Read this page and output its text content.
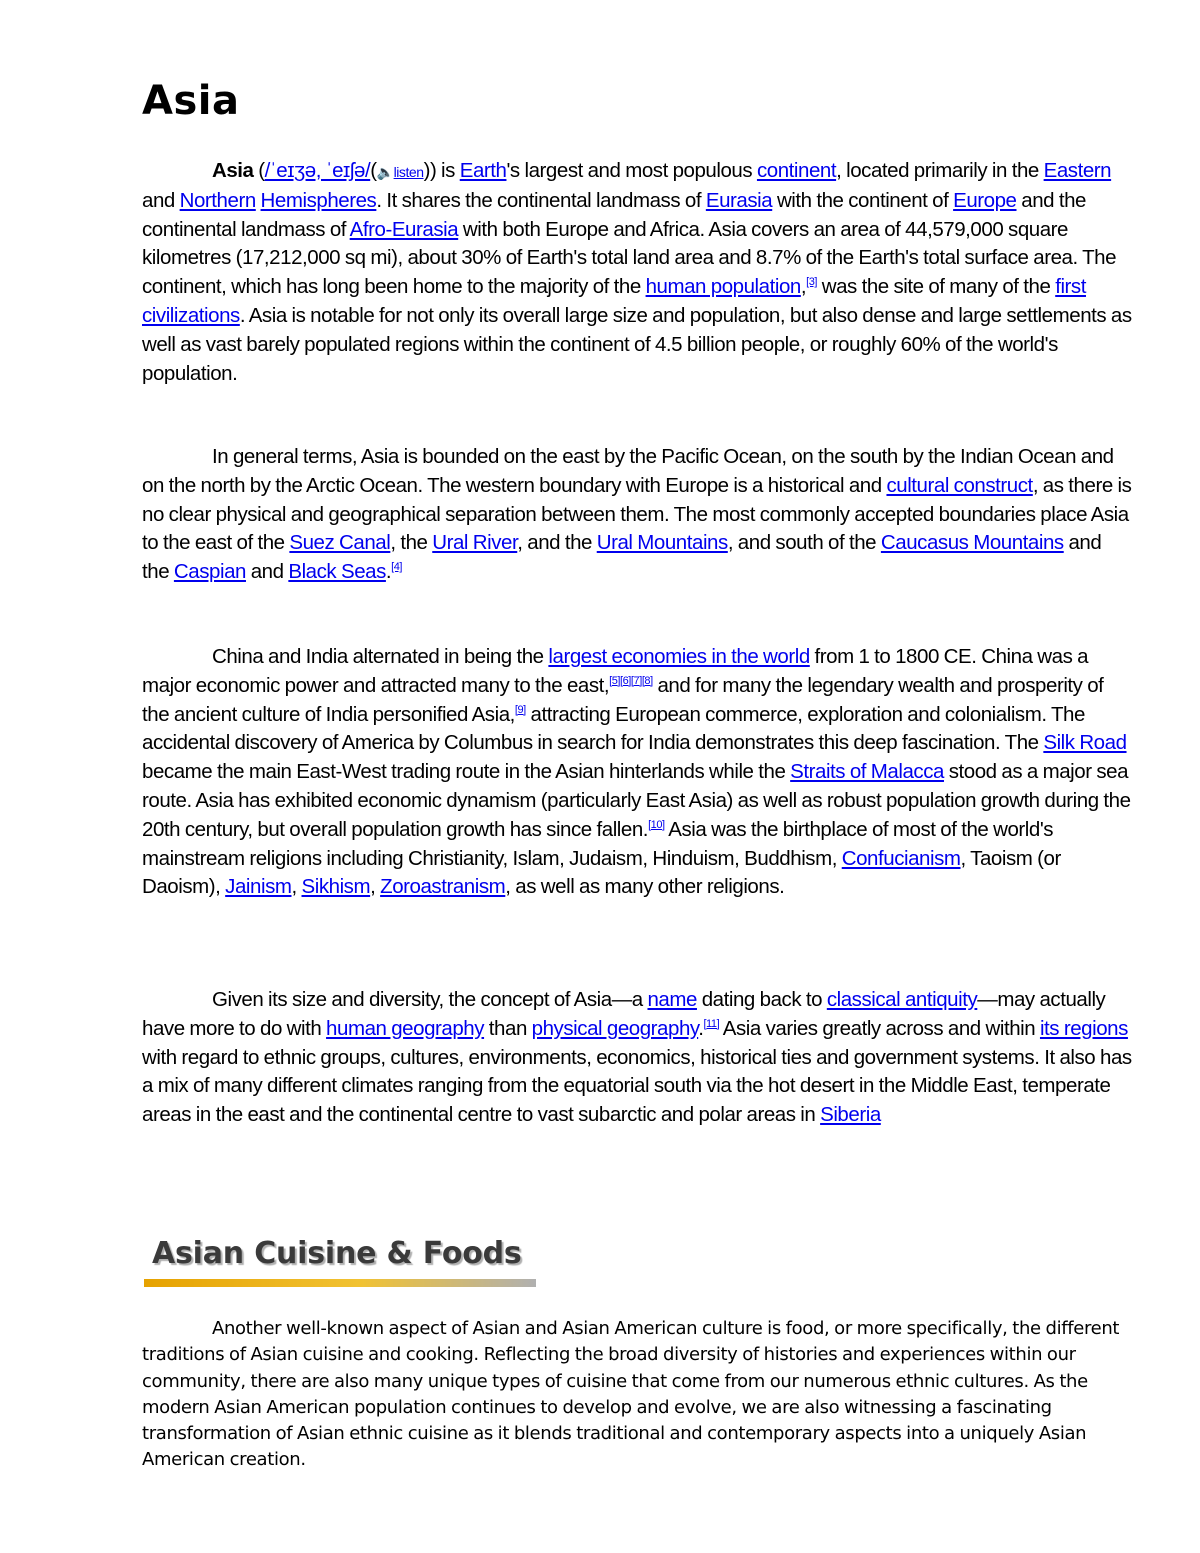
Asia

Asia (/ˈeɪʒə, ˈeɪʃə/(🔈listen)) is Earth's largest and most populous continent, located primarily in the Eastern and Northern Hemispheres. It shares the continental landmass of Eurasia with the continent of Europe and the continental landmass of Afro-Eurasia with both Europe and Africa. Asia covers an area of 44,579,000 square kilometres (17,212,000 sq mi), about 30% of Earth's total land area and 8.7% of the Earth's total surface area. The continent, which has long been home to the majority of the human population,[3] was the site of many of the first civilizations. Asia is notable for not only its overall large size and population, but also dense and large settlements as well as vast barely populated regions within the continent of 4.5 billion people, or roughly 60% of the world's population.

In general terms, Asia is bounded on the east by the Pacific Ocean, on the south by the Indian Ocean and on the north by the Arctic Ocean. The western boundary with Europe is a historical and cultural construct, as there is no clear physical and geographical separation between them. The most commonly accepted boundaries place Asia to the east of the Suez Canal, the Ural River, and the Ural Mountains, and south of the Caucasus Mountains and the Caspian and Black Seas.[4]

China and India alternated in being the largest economies in the world from 1 to 1800 CE. China was a major economic power and attracted many to the east,[5][6][7][8] and for many the legendary wealth and prosperity of the ancient culture of India personified Asia,[9] attracting European commerce, exploration and colonialism. The accidental discovery of America by Columbus in search for India demonstrates this deep fascination. The Silk Road became the main East-West trading route in the Asian hinterlands while the Straits of Malacca stood as a major sea route. Asia has exhibited economic dynamism (particularly East Asia) as well as robust population growth during the 20th century, but overall population growth has since fallen.[10] Asia was the birthplace of most of the world's mainstream religions including Christianity, Islam, Judaism, Hinduism, Buddhism, Confucianism, Taoism (or Daoism), Jainism, Sikhism, Zoroastranism, as well as many other religions.

Given its size and diversity, the concept of Asia—a name dating back to classical antiquity—may actually have more to do with human geography than physical geography.[11] Asia varies greatly across and within its regions with regard to ethnic groups, cultures, environments, economics, historical ties and government systems. It also has a mix of many different climates ranging from the equatorial south via the hot desert in the Middle East, temperate areas in the east and the continental centre to vast subarctic and polar areas in Siberia

Asian Cuisine & Foods

Another well-known aspect of Asian and Asian American culture is food, or more specifically, the different traditions of Asian cuisine and cooking. Reflecting the broad diversity of histories and experiences within our community, there are also many unique types of cuisine that come from our numerous ethnic cultures. As the modern Asian American population continues to develop and evolve, we are also witnessing a fascinating transformation of Asian ethnic cuisine as it blends traditional and contemporary aspects into a uniquely Asian American creation.
